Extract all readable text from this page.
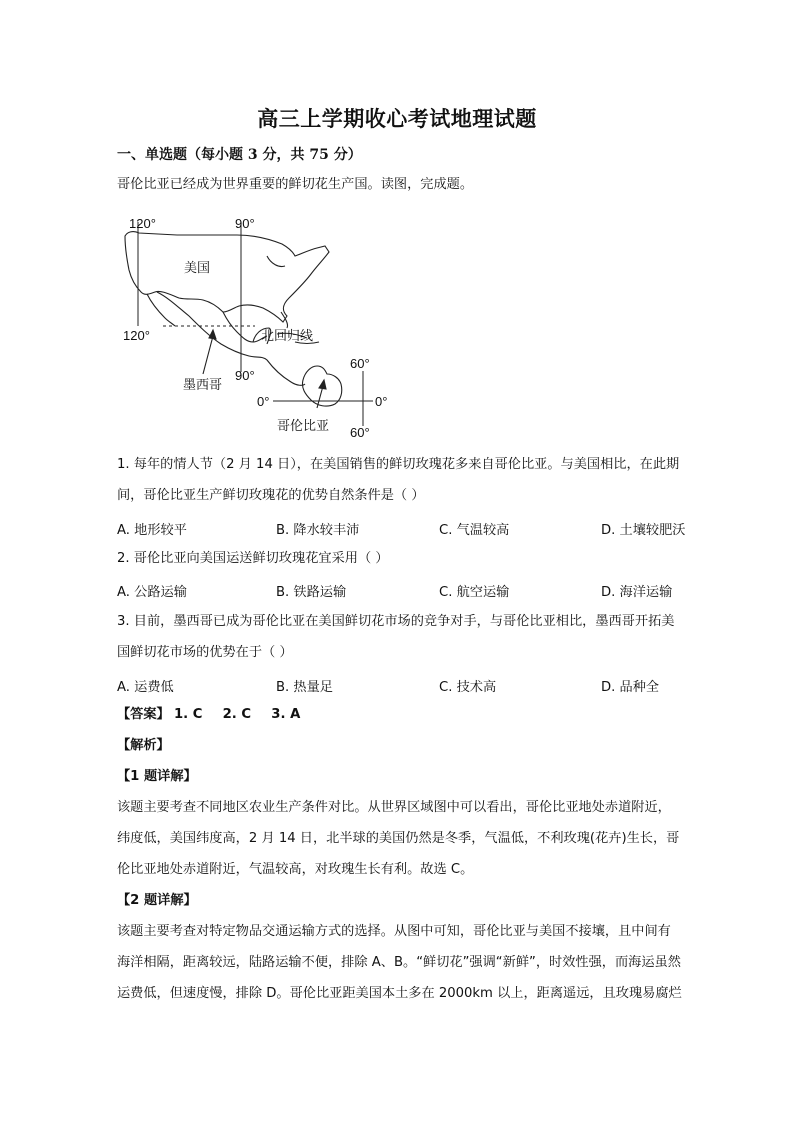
高三上学期收心考试地理试题
一、单选题（每小题 3 分，共 75 分）
哥伦比亚已经成为世界重要的鲜切花生产国。读图，完成题。
120°	90°
120°
90°
60°
60°
0°	0°
美国
北回归线
墨西哥
哥伦比亚
1. 每年的情人节（2 月 14 日），在美国销售的鲜切玫瑰花多来自哥伦比亚。与美国相比，在此期
间，哥伦比亚生产鲜切玫瑰花的优势自然条件是（ ）
A. 地形较平	B. 降水较丰沛	C. 气温较高	D. 土壤较肥沃
2. 哥伦比亚向美国运送鲜切玫瑰花宜采用（ ）
A. 公路运输	B. 铁路运输	C. 航空运输	D. 海洋运输
3. 目前，墨西哥已成为哥伦比亚在美国鲜切花市场的竞争对手，与哥伦比亚相比，墨西哥开拓美
国鲜切花市场的优势在于（ ）
A. 运费低	B. 热量足	C. 技术高	D. 品种全
【答案】 1. C 2. C 3. A
【解析】
【1 题详解】
该题主要考查不同地区农业生产条件对比。从世界区域图中可以看出，哥伦比亚地处赤道附近，
纬度低，美国纬度高，2 月 14 日，北半球的美国仍然是冬季，气温低，不利玫瑰(花卉)生长，哥
伦比亚地处赤道附近，气温较高，对玫瑰生长有利。故选 C。
【2 题详解】
该题主要考查对特定物品交通运输方式的选择。从图中可知，哥伦比亚与美国不接壤，且中间有
海洋相隔，距离较远，陆路运输不便，排除 A、B。“鲜切花”强调“新鲜”，时效性强，而海运虽然
运费低，但速度慢，排除 D。哥伦比亚距美国本土多在 2000km 以上，距离遥远，且玫瑰易腐烂
